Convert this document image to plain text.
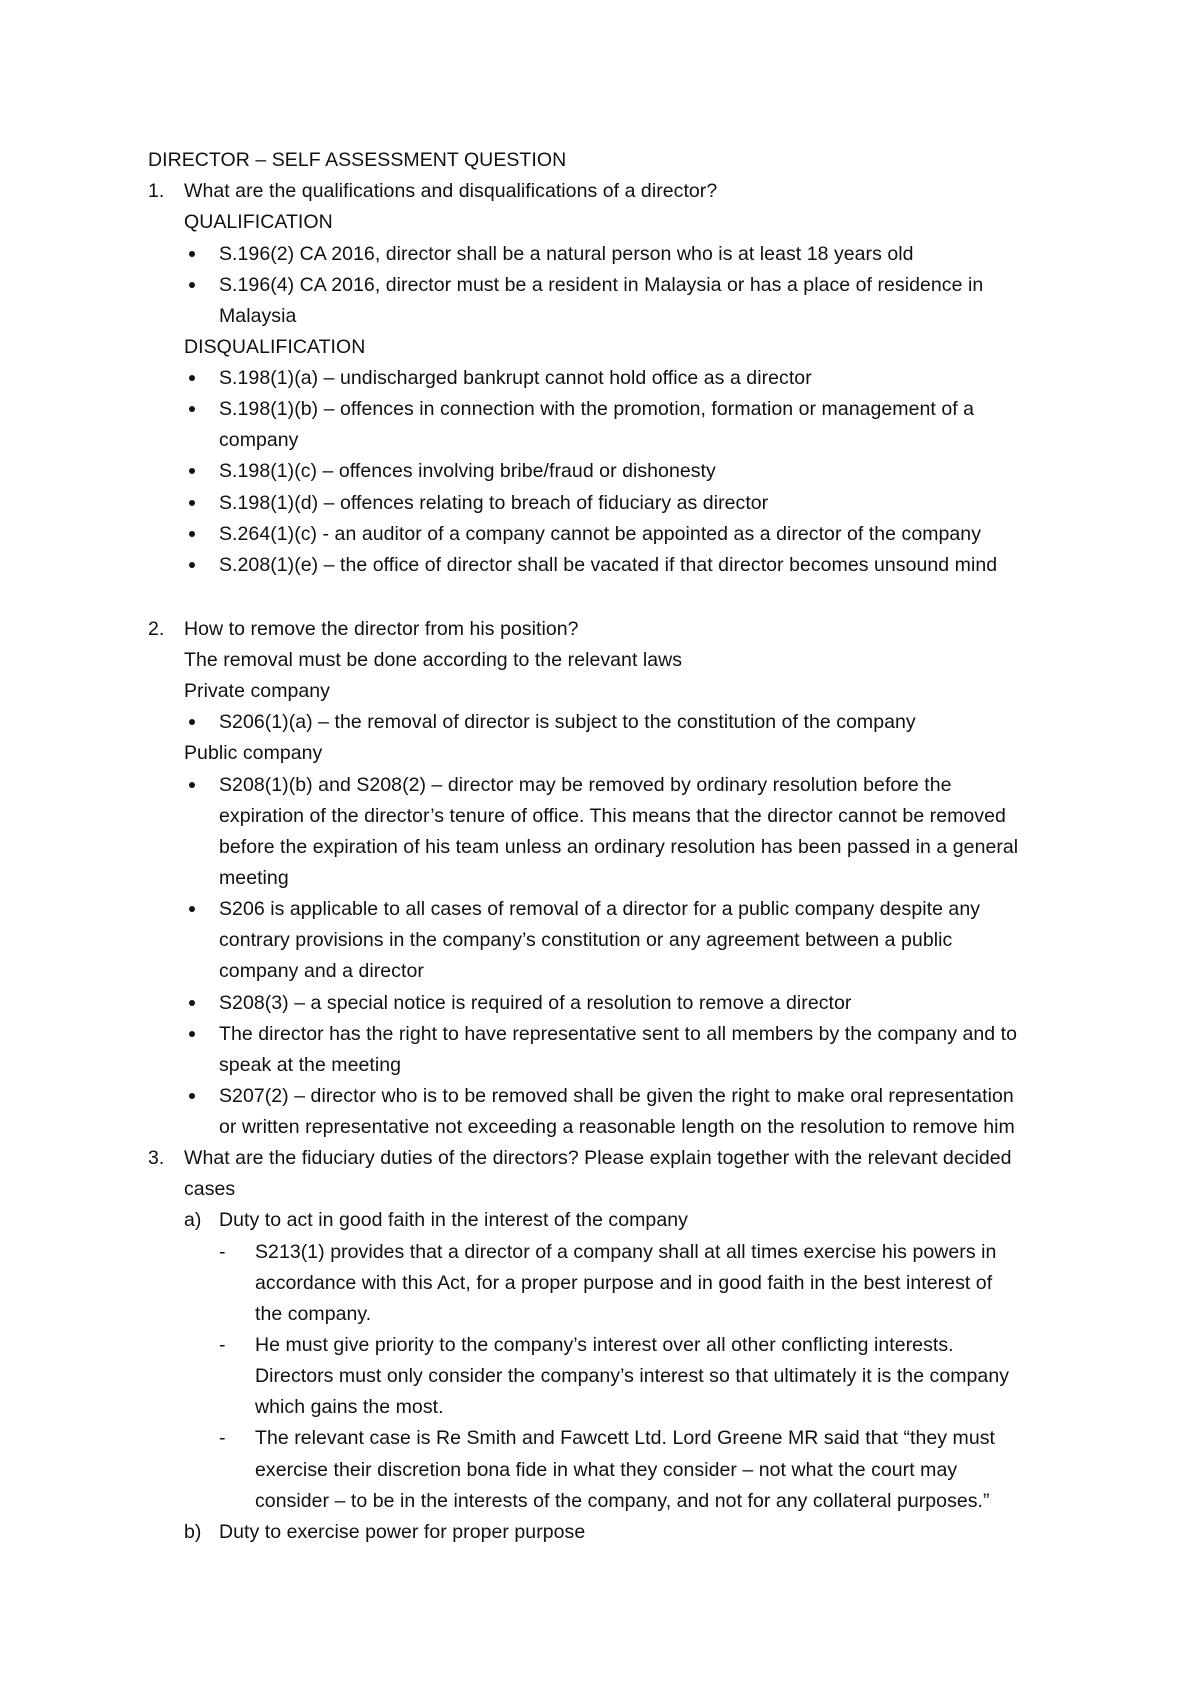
DIRECTOR – SELF ASSESSMENT QUESTION
1. What are the qualifications and disqualifications of a director?
QUALIFICATION
S.196(2) CA 2016, director shall be a natural person who is at least 18 years old
S.196(4) CA 2016, director must be a resident in Malaysia or has a place of residence in
Malaysia
DISQUALIFICATION
S.198(1)(a) – undischarged bankrupt cannot hold office as a director
S.198(1)(b) – offences in connection with the promotion, formation or management of a
company
S.198(1)(c) – offences involving bribe/fraud or dishonesty
S.198(1)(d) – offences relating to breach of fiduciary as director
S.264(1)(c) - an auditor of a company cannot be appointed as a director of the company
S.208(1)(e) – the office of director shall be vacated if that director becomes unsound mind
2. How to remove the director from his position?
The removal must be done according to the relevant laws
Private company
S206(1)(a) – the removal of director is subject to the constitution of the company
Public company
S208(1)(b) and S208(2) – director may be removed by ordinary resolution before the
expiration of the director’s tenure of office. This means that the director cannot be removed
before the expiration of his team unless an ordinary resolution has been passed in a general
meeting
S206 is applicable to all cases of removal of a director for a public company despite any
contrary provisions in the company’s constitution or any agreement between a public
company and a director
S208(3) – a special notice is required of a resolution to remove a director
The director has the right to have representative sent to all members by the company and to
speak at the meeting
S207(2) – director who is to be removed shall be given the right to make oral representation
or written representative not exceeding a reasonable length on the resolution to remove him
3. What are the fiduciary duties of the directors? Please explain together with the relevant decided
cases
a) Duty to act in good faith in the interest of the company
- S213(1) provides that a director of a company shall at all times exercise his powers in
accordance with this Act, for a proper purpose and in good faith in the best interest of
the company.
- He must give priority to the company’s interest over all other conflicting interests.
Directors must only consider the company’s interest so that ultimately it is the company
which gains the most.
- The relevant case is Re Smith and Fawcett Ltd. Lord Greene MR said that “they must
exercise their discretion bona fide in what they consider – not what the court may
consider – to be in the interests of the company, and not for any collateral purposes.”
b) Duty to exercise power for proper purpose
